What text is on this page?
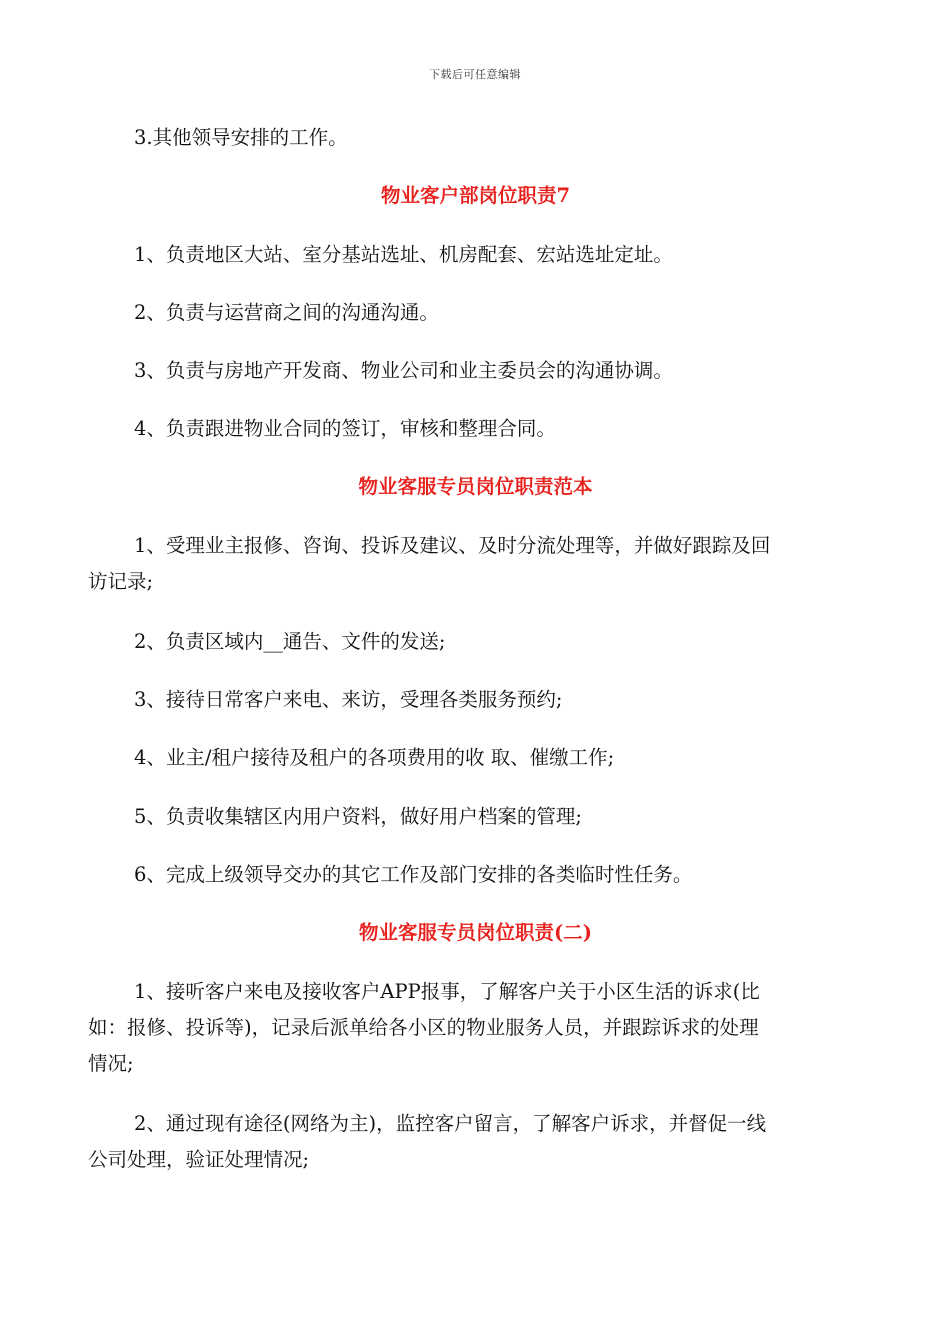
下载后可任意编辑
3.其他领导安排的工作。
物业客户部岗位职责7
1、负责地区大站、室分基站选址、机房配套、宏站选址定址。
2、负责与运营商之间的沟通沟通。
3、负责与房地产开发商、物业公司和业主委员会的沟通协调。
4、负责跟进物业合同的签订，审核和整理合同。
物业客服专员岗位职责范本
1、受理业主报修、咨询、投诉及建议、及时分流处理等，并做好跟踪及回
访记录;
2、负责区域内__通告、文件的发送;
3、接待日常客户来电、来访，受理各类服务预约;
4、业主/租户接待及租户的各项费用的收 取、催缴工作;
5、负责收集辖区内用户资料，做好用户档案的管理;
6、完成上级领导交办的其它工作及部门安排的各类临时性任务。
物业客服专员岗位职责(二)
1、接听客户来电及接收客户APP报事，了解客户关于小区生活的诉求(比
如：报修、投诉等)，记录后派单给各小区的物业服务人员，并跟踪诉求的处理
情况;
2、通过现有途径(网络为主)，监控客户留言，了解客户诉求，并督促一线
公司处理，验证处理情况;
